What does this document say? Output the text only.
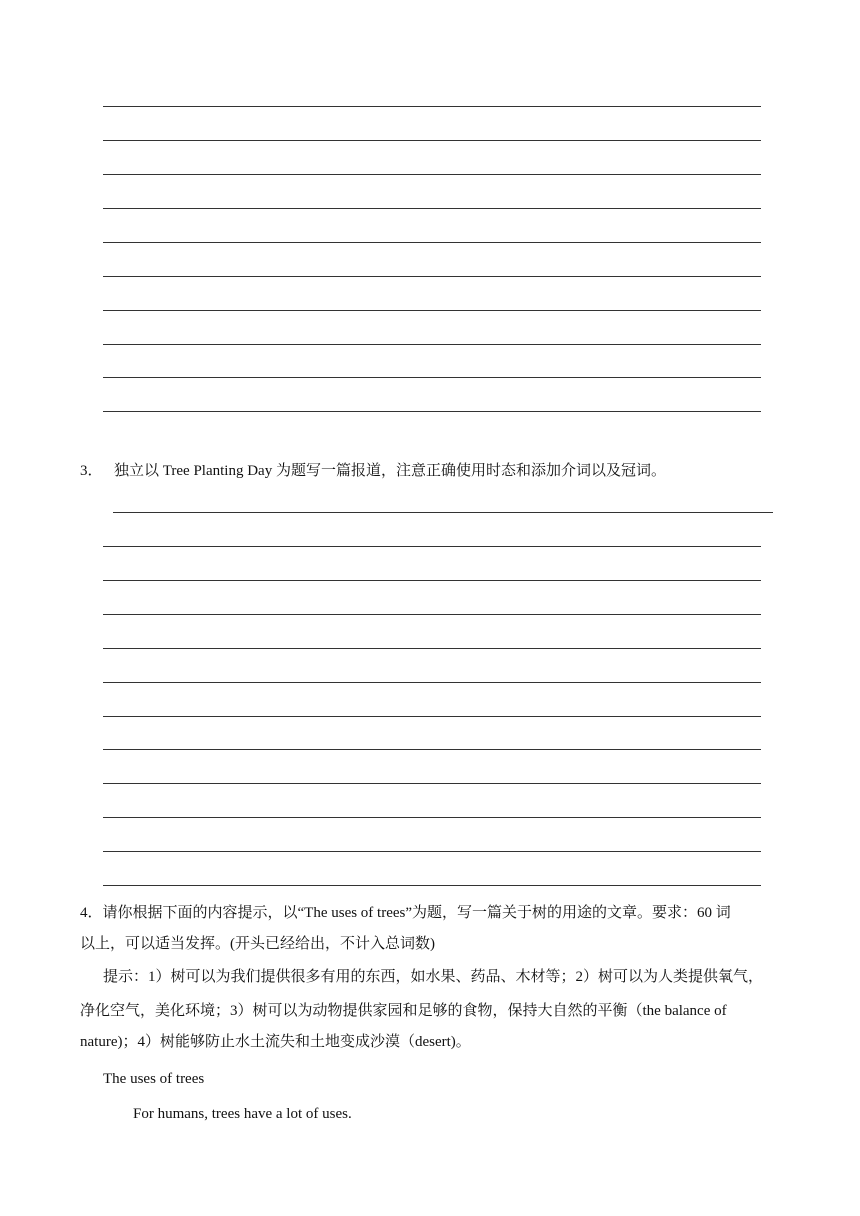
3． 独立以 Tree Planting Day 为题写一篇报道，注意正确使用时态和添加介词以及冠词。
4．请你根据下面的内容提示，以“The uses of trees”为题，写一篇关于树的用途的文章。要求：60 词
以上，可以适当发挥。(开头已经给出，不计入总词数)
提示：1）树可以为我们提供很多有用的东西，如水果、药品、木材等；2）树可以为人类提供氧气，
净化空气，美化环境；3）树可以为动物提供家园和足够的食物，保持大自然的平衡（the balance of
nature)；4）树能够防止水土流失和土地变成沙漠（desert)。
The uses of trees
For humans, trees have a lot of uses.
